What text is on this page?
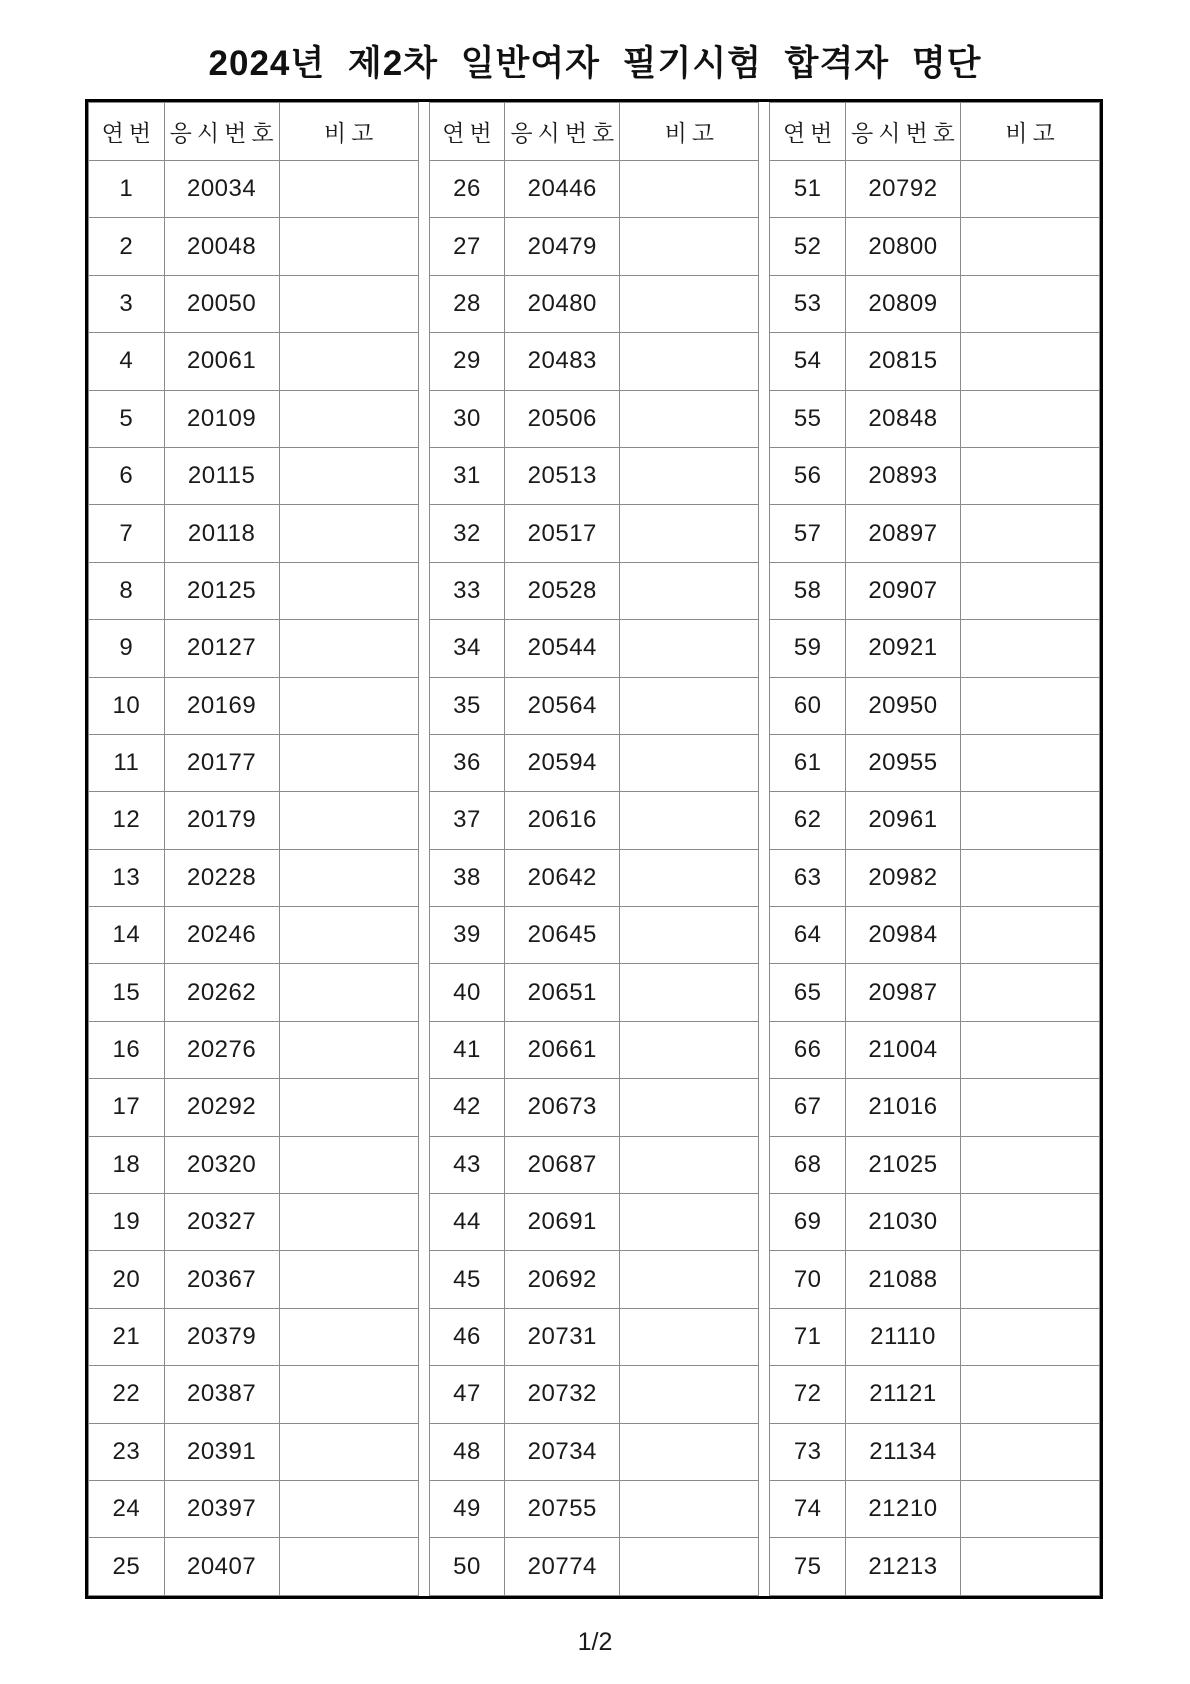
2024년 제2차 일반여자 필기시험 합격자 명단
연번	응시번호	비고
1	20034	
2	20048	
3	20050	
4	20061	
5	20109	
6	20115	
7	20118	
8	20125	
9	20127	
10	20169	
11	20177	
12	20179	
13	20228	
14	20246	
15	20262	
16	20276	
17	20292	
18	20320	
19	20327	
20	20367	
21	20379	
22	20387	
23	20391	
24	20397	
25	20407	
연번	응시번호	비고
26	20446	
27	20479	
28	20480	
29	20483	
30	20506	
31	20513	
32	20517	
33	20528	
34	20544	
35	20564	
36	20594	
37	20616	
38	20642	
39	20645	
40	20651	
41	20661	
42	20673	
43	20687	
44	20691	
45	20692	
46	20731	
47	20732	
48	20734	
49	20755	
50	20774	
연번	응시번호	비고
51	20792	
52	20800	
53	20809	
54	20815	
55	20848	
56	20893	
57	20897	
58	20907	
59	20921	
60	20950	
61	20955	
62	20961	
63	20982	
64	20984	
65	20987	
66	21004	
67	21016	
68	21025	
69	21030	
70	21088	
71	21110	
72	21121	
73	21134	
74	21210	
75	21213	
1/2
